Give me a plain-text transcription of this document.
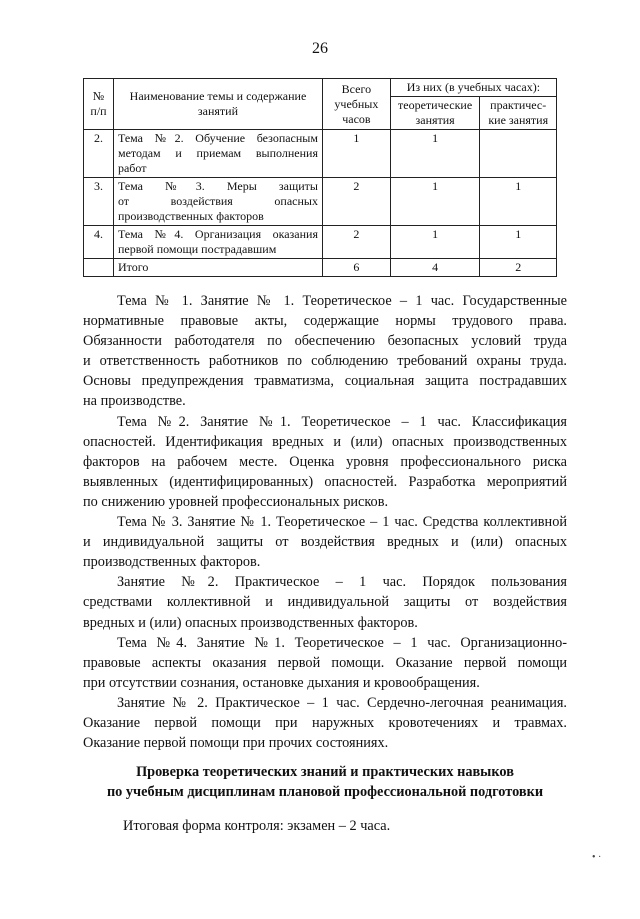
26
№ п/п	Наименование темы и содержание занятий	Всего учебных часов	Из них (в учебных часах):	
			теоретические занятия	практичес-кие занятия
2.	Тема №2. Обучение безопасным
методам и приемам выполнения
работ	1	1	
3.	Тема №3. Меры защиты
от воздействия опасных
производственных факторов	2	1	1
4.	Тема №4. Организация оказания
первой помощи пострадавшим	2	1	1

	Итого	6	4	2

Тема № 1. Занятие № 1. Теоретическое – 1 час. Государственные
нормативные правовые акты, содержащие нормы трудового права.
Обязанности работодателя по обеспечению безопасных условий труда
и ответственность работников по соблюдению требований охраны труда.
Основы предупреждения травматизма, социальная защита пострадавших
на производстве.

Тема №2. Занятие №1. Теоретическое – 1 час. Классификация
опасностей. Идентификация вредных и (или) опасных производственных
факторов на рабочем месте. Оценка уровня профессионального риска
выявленных (идентифицированных) опасностей. Разработка мероприятий
по снижению уровней профессиональных рисков.

Тема № 3. Занятие № 1. Теоретическое – 1 час. Средства коллективной
и индивидуальной защиты от воздействия вредных и (или) опасных
производственных факторов.

Занятие №2. Практическое – 1 час. Порядок пользования
средствами коллективной и индивидуальной защиты от воздействия
вредных и (или) опасных производственных факторов.

Тема №4. Занятие №1. Теоретическое – 1 час. Организационно-
правовые аспекты оказания первой помощи. Оказание первой помощи
при отсутствии сознания, остановке дыхания и кровообращения.

Занятие № 2. Практическое – 1 час. Сердечно-легочная реанимация.
Оказание первой помощи при наружных кровотечениях и травмах.
Оказание первой помощи при прочих состояниях.

Проверка теоретических знаний и практических навыков
по учебным дисциплинам плановой профессиональной подготовки
Итоговая форма контроля: экзамен – 2 часа.
• ·
